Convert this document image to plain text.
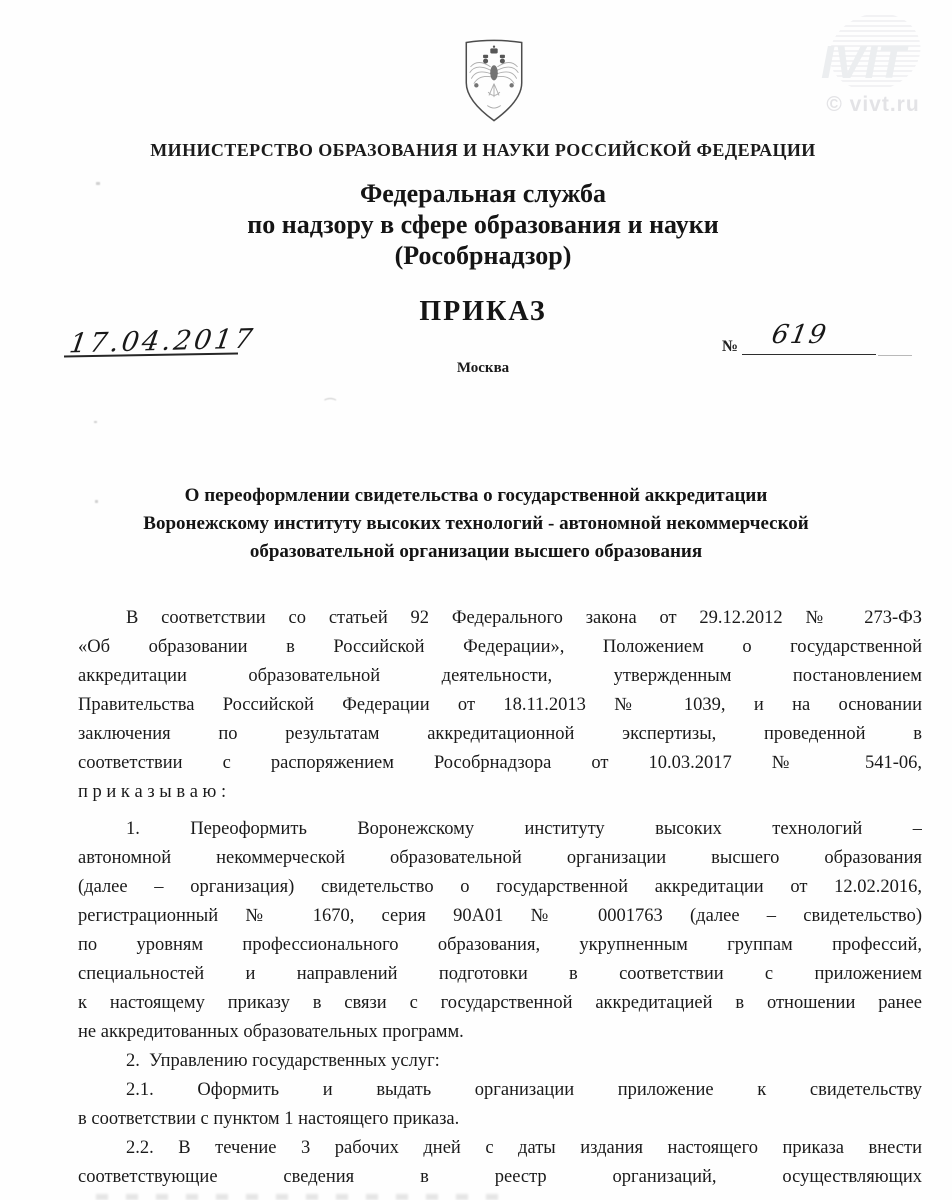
IVIT
© vivt.ru
МИНИСТЕРСТВО ОБРАЗОВАНИЯ И НАУКИ РОССИЙСКОЙ ФЕДЕРАЦИИ
Федеральная служба
по надзору в сфере образования и науки
(Рособрнадзор)
ПРИКАЗ
17.04.2017	№ 619
Москва
О переоформлении свидетельства о государственной аккредитации
Воронежскому институту высоких технологий - автономной некоммерческой
образовательной организации высшего образования
В соответствии со статьей 92 Федерального закона от 29.12.2012 № 273-ФЗ
«Об образовании в Российской Федерации», Положением о государственной
аккредитации образовательной деятельности, утвержденным постановлением
Правительства Российской Федерации от 18.11.2013 № 1039, и на основании
заключения по результатам аккредитационной экспертизы, проведенной в
соответствии с распоряжением Рособрнадзора от 10.03.2017 № 541-06,
п р и к а з ы в а ю :
1. Переоформить Воронежскому институту высоких технологий –
автономной некоммерческой образовательной организации высшего образования
(далее – организация) свидетельство о государственной аккредитации от 12.02.2016,
регистрационный № 1670, серия 90А01 № 0001763 (далее – свидетельство)
по уровням профессионального образования, укрупненным группам профессий,
специальностей и направлений подготовки в соответствии с приложением
к настоящему приказу в связи с государственной аккредитацией в отношении ранее
не аккредитованных образовательных программ.
2.  Управлению государственных услуг:
2.1. Оформить и выдать организации приложение к свидетельству
в соответствии с пунктом 1 настоящего приказа.
2.2. В течение 3 рабочих дней с даты издания настоящего приказа внести
соответствующие сведения в реестр организаций, осуществляющих
⁀
